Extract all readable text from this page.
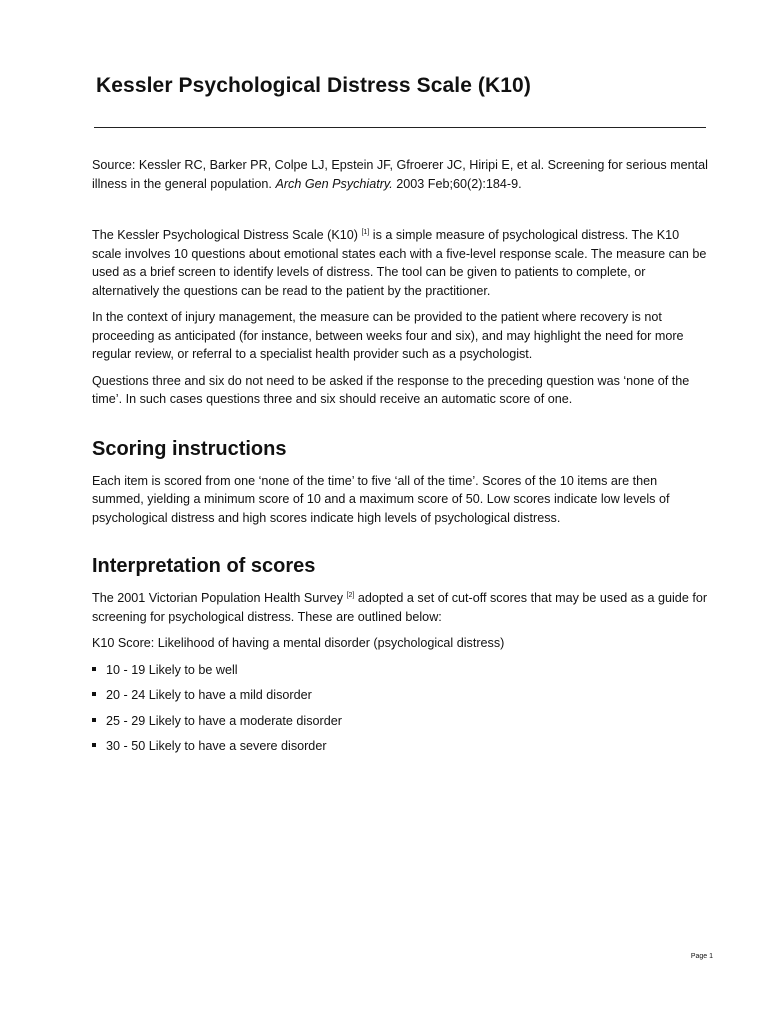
Kessler Psychological Distress Scale (K10)

Source: Kessler RC, Barker PR, Colpe LJ, Epstein JF, Gfroerer JC, Hiripi E, et al. Screening for serious mental illness in the general population. Arch Gen Psychiatry. 2003 Feb;60(2):184-9.

The Kessler Psychological Distress Scale (K10) [1] is a simple measure of psychological distress. The K10 scale involves 10 questions about emotional states each with a five-level response scale. The measure can be used as a brief screen to identify levels of distress. The tool can be given to patients to complete, or alternatively the questions can be read to the patient by the practitioner.

In the context of injury management, the measure can be provided to the patient where recovery is not proceeding as anticipated (for instance, between weeks four and six), and may highlight the need for more regular review, or referral to a specialist health provider such as a psychologist.

Questions three and six do not need to be asked if the response to the preceding question was ‘none of the time’. In such cases questions three and six should receive an automatic score of one.

Scoring instructions

Each item is scored from one ‘none of the time’ to five ‘all of the time’. Scores of the 10 items are then summed, yielding a minimum score of 10 and a maximum score of 50. Low scores indicate low levels of psychological distress and high scores indicate high levels of psychological distress.

Interpretation of scores

The 2001 Victorian Population Health Survey [2] adopted a set of cut-off scores that may be used as a guide for screening for psychological distress. These are outlined below:

K10 Score: Likelihood of having a mental disorder (psychological distress)

10 - 19 Likely to be well
20 - 24 Likely to have a mild disorder
25 - 29 Likely to have a moderate disorder
30 - 50 Likely to have a severe disorder
Page 1
